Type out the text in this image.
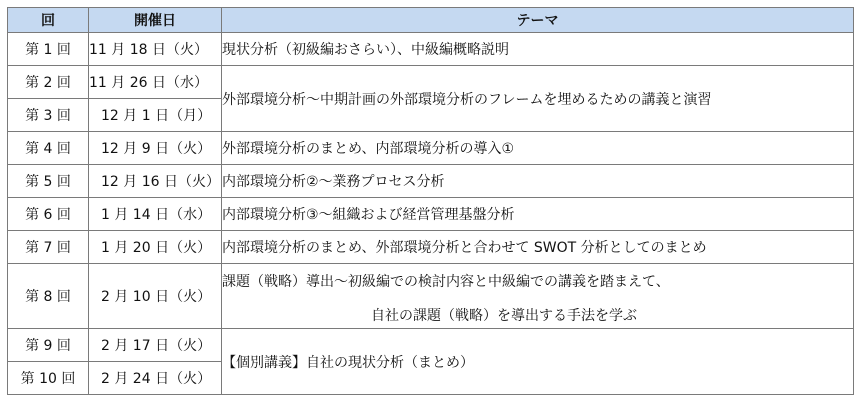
回	開催日	テーマ
第 1 回	11 月 18 日（火）	現状分析（初級編おさらい）、中級編概略説明
第 2 回	11 月 26 日（水）	外部環境分析～中期計画の外部環境分析のフレームを埋めるための講義と演習
第 3 回	12 月 1 日（月）	
第 4 回	12 月 9 日（火）	外部環境分析のまとめ、内部環境分析の導入①
第 5 回	12 月 16 日（火）	内部環境分析②～業務プロセス分析
第 6 回	1 月 14 日（水）	内部環境分析③～組織および経営管理基盤分析
第 7 回	1 月 20 日（火）	内部環境分析のまとめ、外部環境分析と合わせて SWOT 分析としてのまとめ
第 8 回	2 月 10 日（火）	課題（戦略）導出～初級編での検討内容と中級編での講義を踏まえて、
自社の課題（戦略）を導出する手法を学ぶ

第 9 回	2 月 17 日（火）	【個別講義】自社の現状分析（まとめ）
第 10 回	2 月 24 日（火）	
